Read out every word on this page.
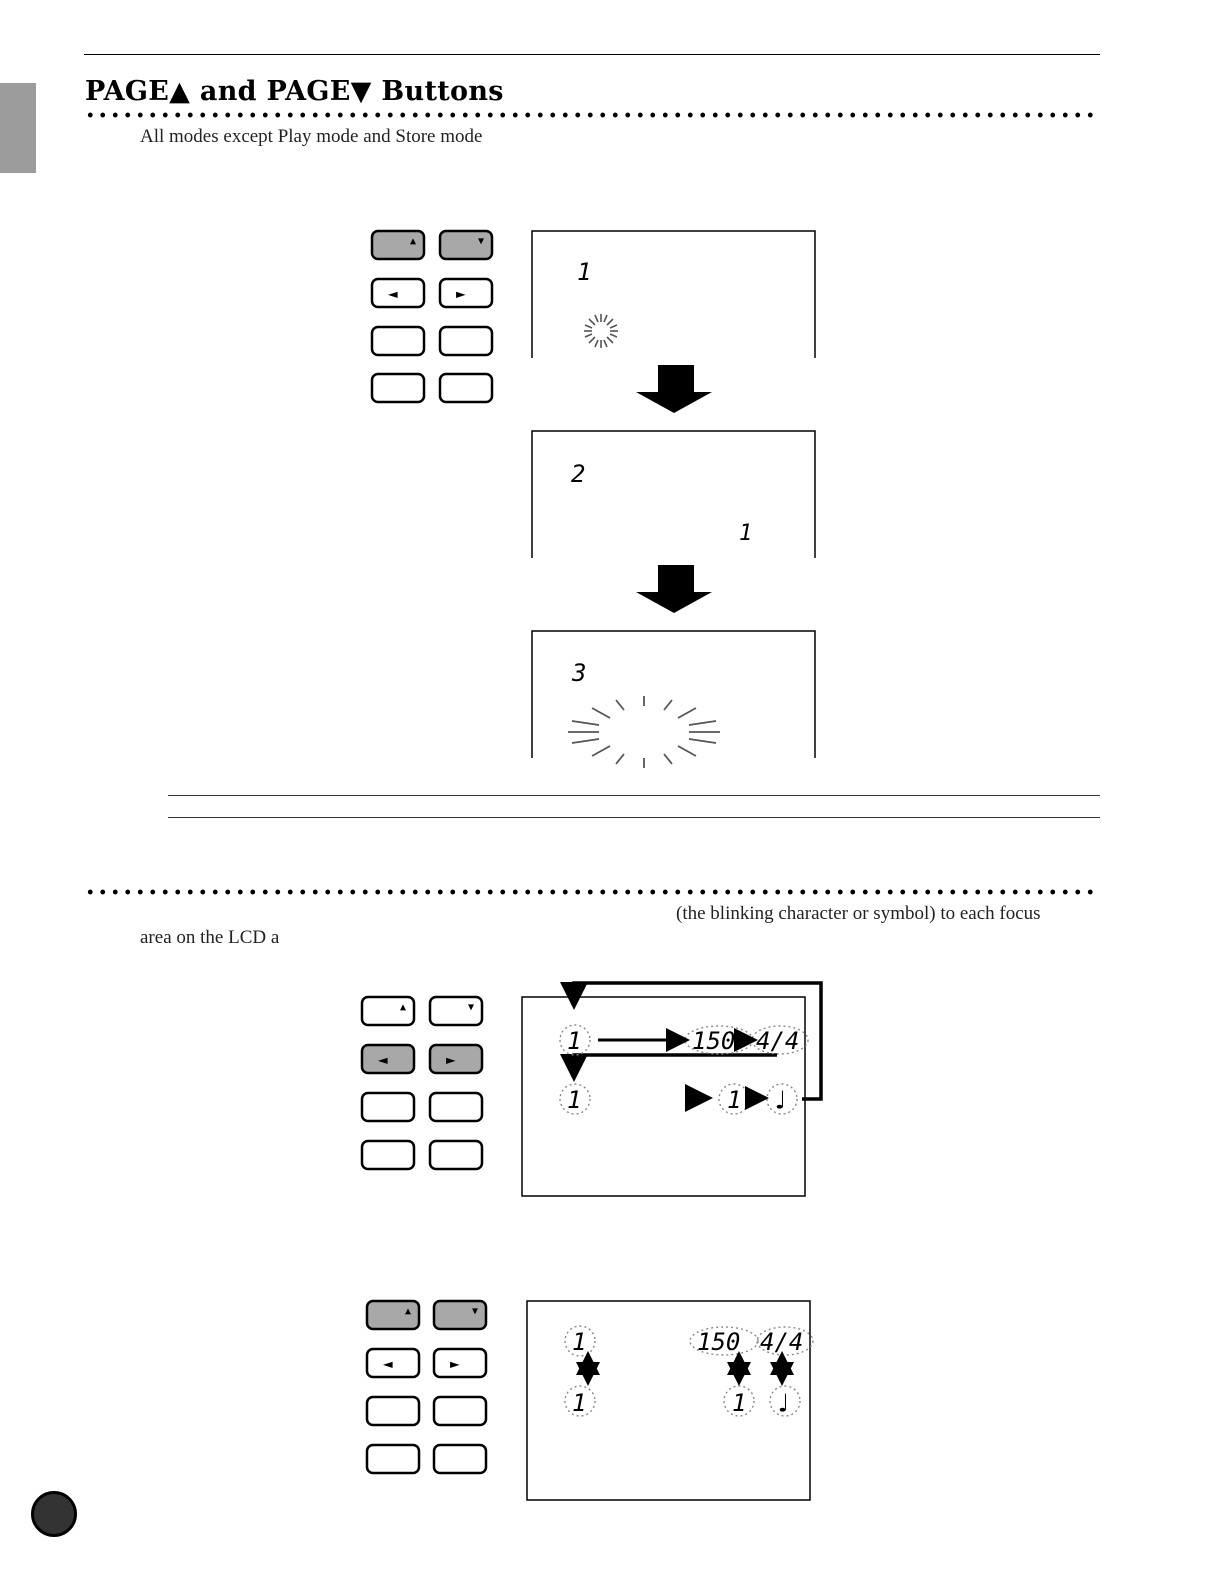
PAGE▲ and PAGE▼ Buttons
All modes except Play mode and Store mode
▲	▼
◄	►
1
2
1
3
(the blinking character or symbol) to each focus
area on the LCD a
▲	▼
◄	►
1	150 4/4
1	1 ♩
▲	▼
◄	►
1	150 4/4
1	1 ♩
